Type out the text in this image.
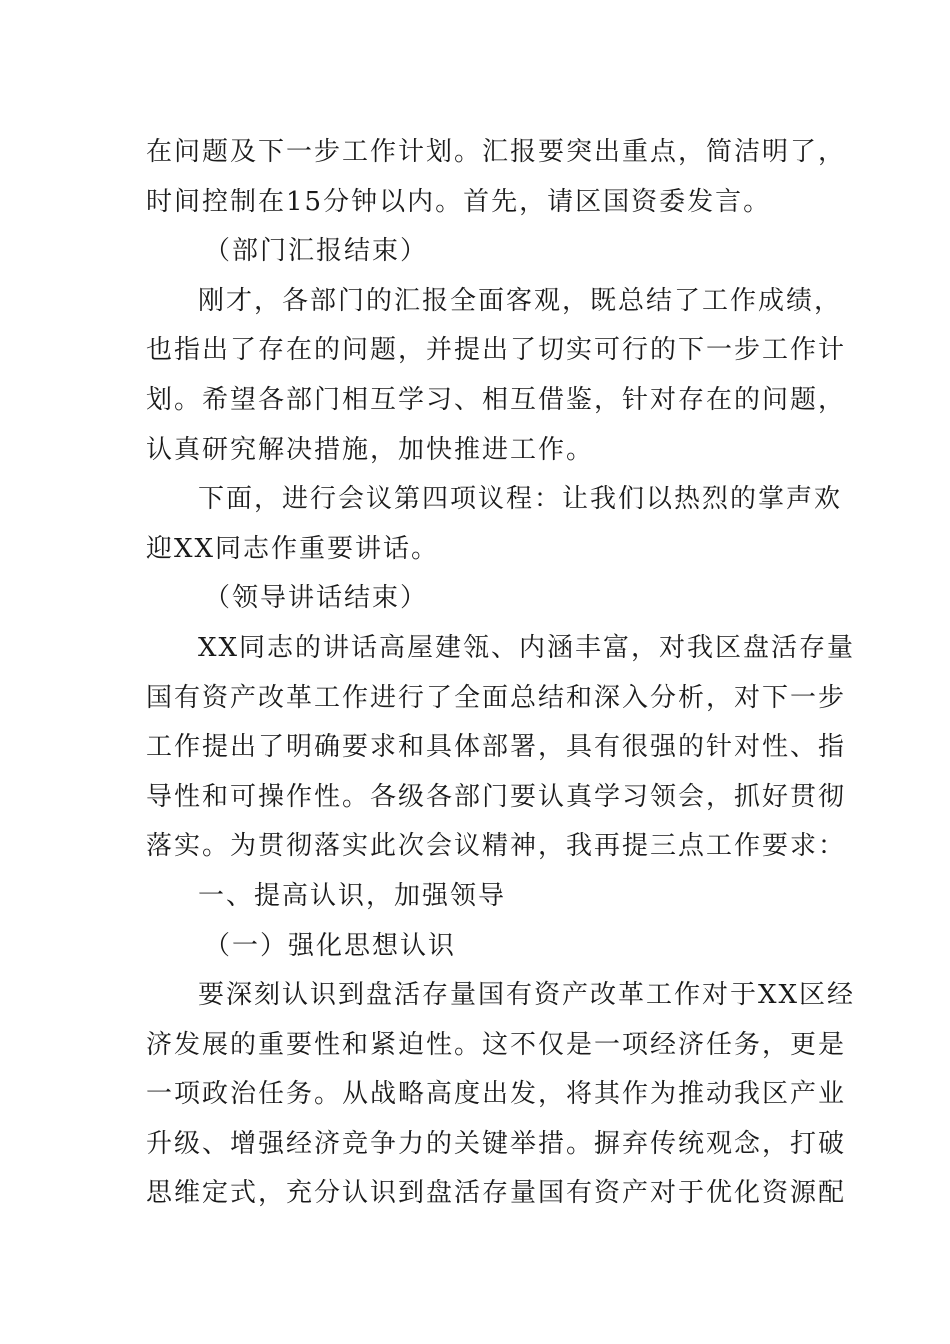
在问题及下一步工作计划。汇报要突出重点，简洁明了，
时间控制在15分钟以内。首先，请区国资委发言。
（部门汇报结束）
刚才，各部门的汇报全面客观，既总结了工作成绩，
也指出了存在的问题，并提出了切实可行的下一步工作计
划。希望各部门相互学习、相互借鉴，针对存在的问题，
认真研究解决措施，加快推进工作。
下面，进行会议第四项议程：让我们以热烈的掌声欢
迎XX同志作重要讲话。
（领导讲话结束）
XX同志的讲话高屋建瓴、内涵丰富，对我区盘活存量
国有资产改革工作进行了全面总结和深入分析，对下一步
工作提出了明确要求和具体部署，具有很强的针对性、指
导性和可操作性。各级各部门要认真学习领会，抓好贯彻
落实。为贯彻落实此次会议精神，我再提三点工作要求：
一、提高认识，加强领导
（一）强化思想认识
要深刻认识到盘活存量国有资产改革工作对于XX区经
济发展的重要性和紧迫性。这不仅是一项经济任务，更是
一项政治任务。从战略高度出发，将其作为推动我区产业
升级、增强经济竞争力的关键举措。摒弃传统观念，打破
思维定式，充分认识到盘活存量国有资产对于优化资源配
